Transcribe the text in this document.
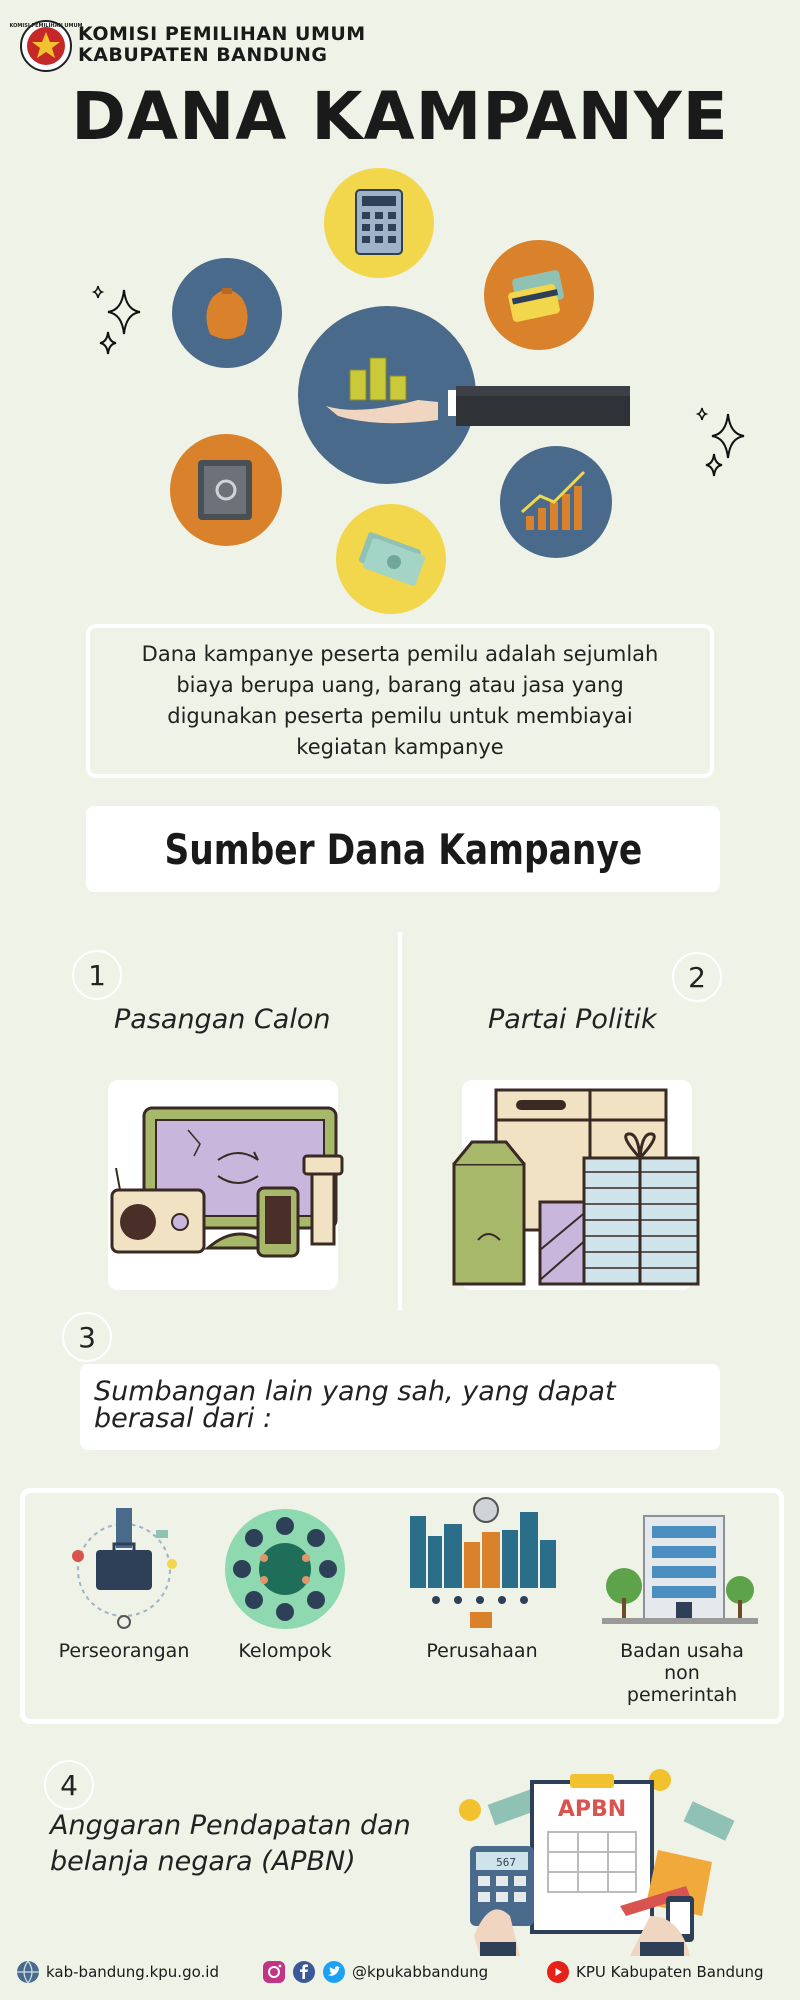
KOMISI PEMILIHAN UMUM
KOMISI PEMILIHAN UMUM
KABUPATEN BANDUNG
DANA KAMPANYE

Dana kampanye peserta pemilu adalah sejumlah biaya berupa uang, barang atau jasa yang digunakan peserta pemilu untuk membiayai kegiatan kampanye

Sumber Dana Kampanye
1
Pasangan Calon
2
Partai Politik
3
Sumbangan lain yang sah, yang dapat berasal dari :
Perseorangan	Kelompok	Perusahaan	Badan usaha
non
pemerintah
4
Anggaran Pendapatan dan
belanja negara (APBN)
APBN
567
kab-bandung.kpu.go.id	@kpukabbandung	KPU Kabupaten Bandung
